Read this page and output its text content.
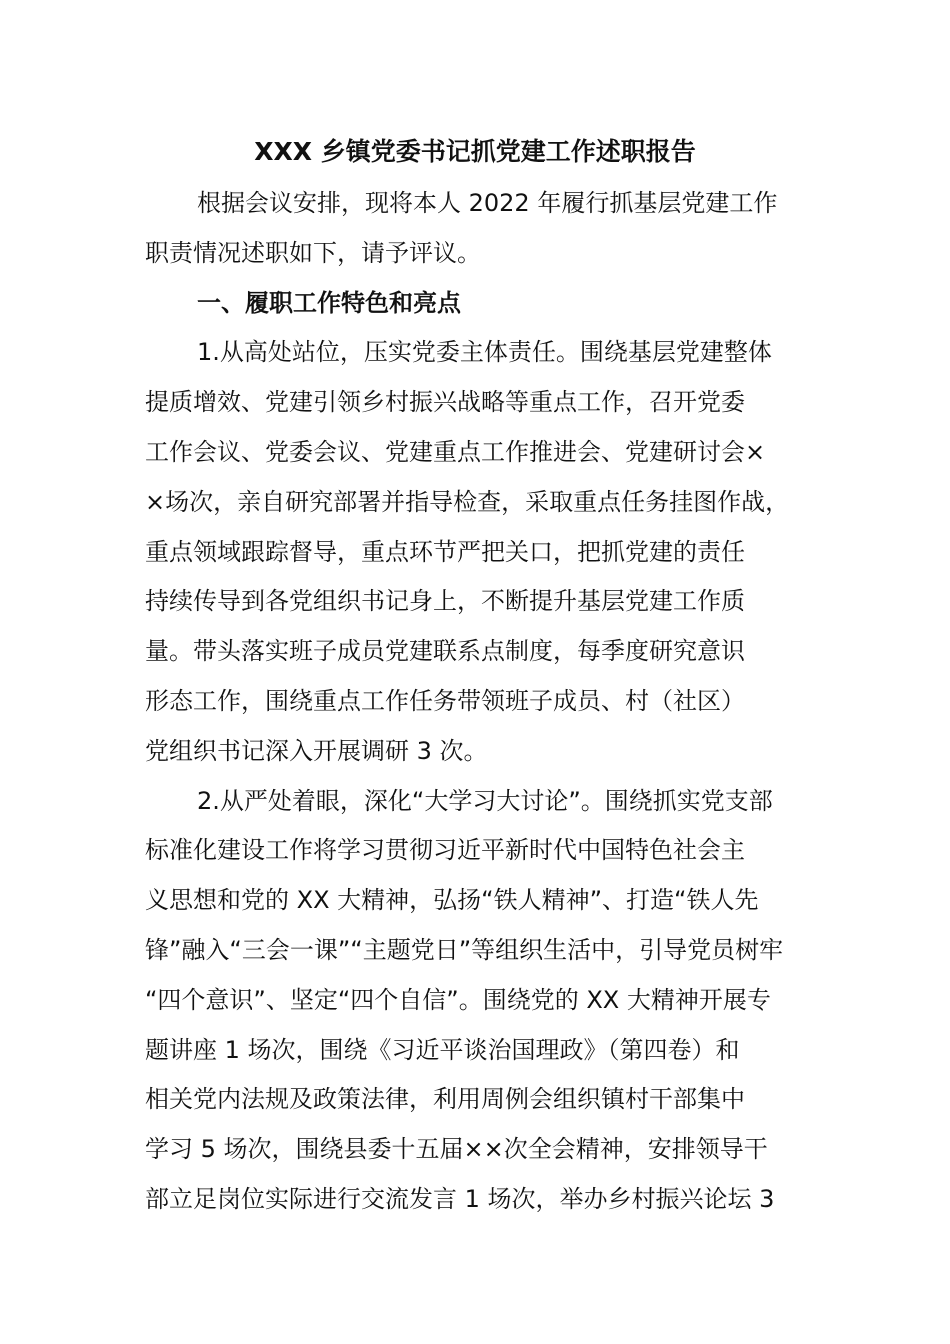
XXX 乡镇党委书记抓党建工作述职报告

根据会议安排，现将本人 2022 年履行抓基层党建工作
职责情况述职如下，请予评议。

一、履职工作特色和亮点

1.从高处站位，压实党委主体责任。围绕基层党建整体
提质增效、党建引领乡村振兴战略等重点工作，召开党委
工作会议、党委会议、党建重点工作推进会、党建研讨会×
×场次，亲自研究部署并指导检查，采取重点任务挂图作战，
重点领域跟踪督导，重点环节严把关口，把抓党建的责任
持续传导到各党组织书记身上，不断提升基层党建工作质
量。带头落实班子成员党建联系点制度，每季度研究意识
形态工作，围绕重点工作任务带领班子成员、村（社区）
党组织书记深入开展调研 3 次。

2.从严处着眼，深化“大学习大讨论”。围绕抓实党支部
标准化建设工作将学习贯彻习近平新时代中国特色社会主
义思想和党的 XX 大精神，弘扬“铁人精神”、打造“铁人先
锋”融入“三会一课”“主题党日”等组织生活中，引导党员树牢
“四个意识”、坚定“四个自信”。围绕党的 XX 大精神开展专
题讲座 1 场次，围绕《习近平谈治国理政》（第四卷）和
相关党内法规及政策法律，利用周例会组织镇村干部集中
学习 5 场次，围绕县委十五届××次全会精神，安排领导干
部立足岗位实际进行交流发言 1 场次，举办乡村振兴论坛 3
